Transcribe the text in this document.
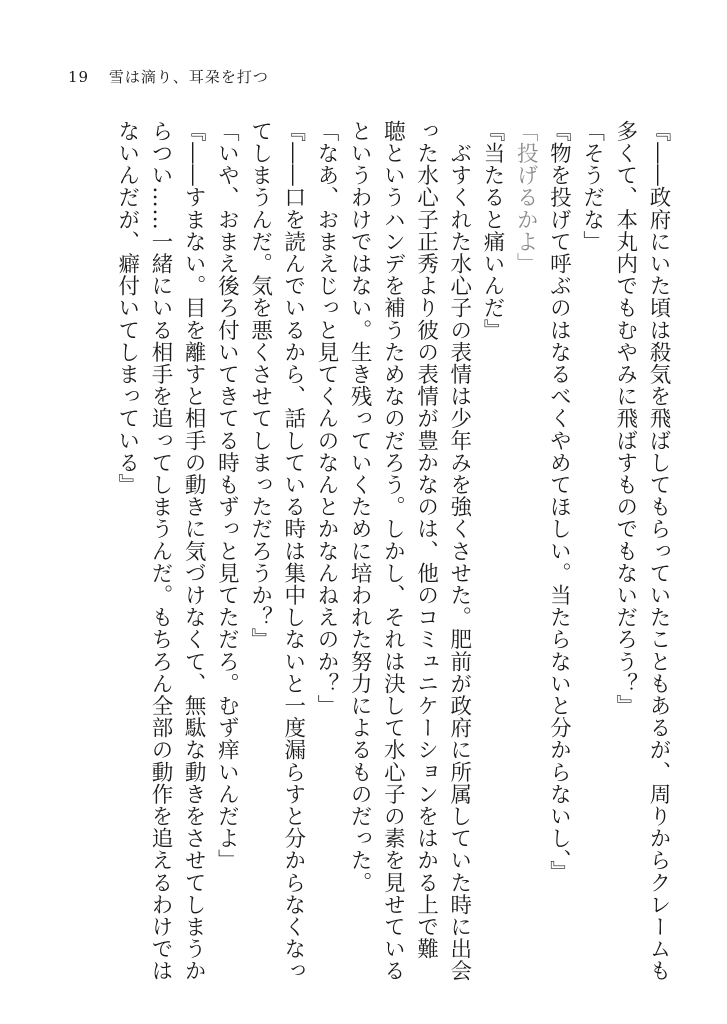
19 雪は滴り、耳朶を打つ
『――政府にいた頃は殺気を飛ばしてもらっていたこともあるが、周りからクレームも
多くて、本丸内でもむやみに飛ばすものでもないだろう？』
「そうだな」
『物を投げて呼ぶのはなるべくやめてほしい。当たらないと分からないし、』
「投げるかよ」
『当たると痛いんだ』
　ぶすくれた水心子の表情は少年みを強くさせた。肥前が政府に所属していた時に出会
った水心子正秀より彼の表情が豊かなのは、他のコミュニケーションをはかる上で難
聴というハンデを補うためなのだろう。しかし、それは決して水心子の素を見せている
というわけではない。生き残っていくために培われた努力によるものだった。
「なあ、おまえじっと見てくんのなんとかなんねえのか？」
『――口を読んでいるから、話している時は集中しないと一度漏らすと分からなくなっ
てしまうんだ。気を悪くさせてしまっただろうか？』
「いや、おまえ後ろ付いてきてる時もずっと見てただろ。むず痒いんだよ」
『――すまない。目を離すと相手の動きに気づけなくて、無駄な動きをさせてしまうか
らつい……一緒にいる相手を追ってしまうんだ。もちろん全部の動作を追えるわけでは
ないんだが、癖付いてしまっている』
